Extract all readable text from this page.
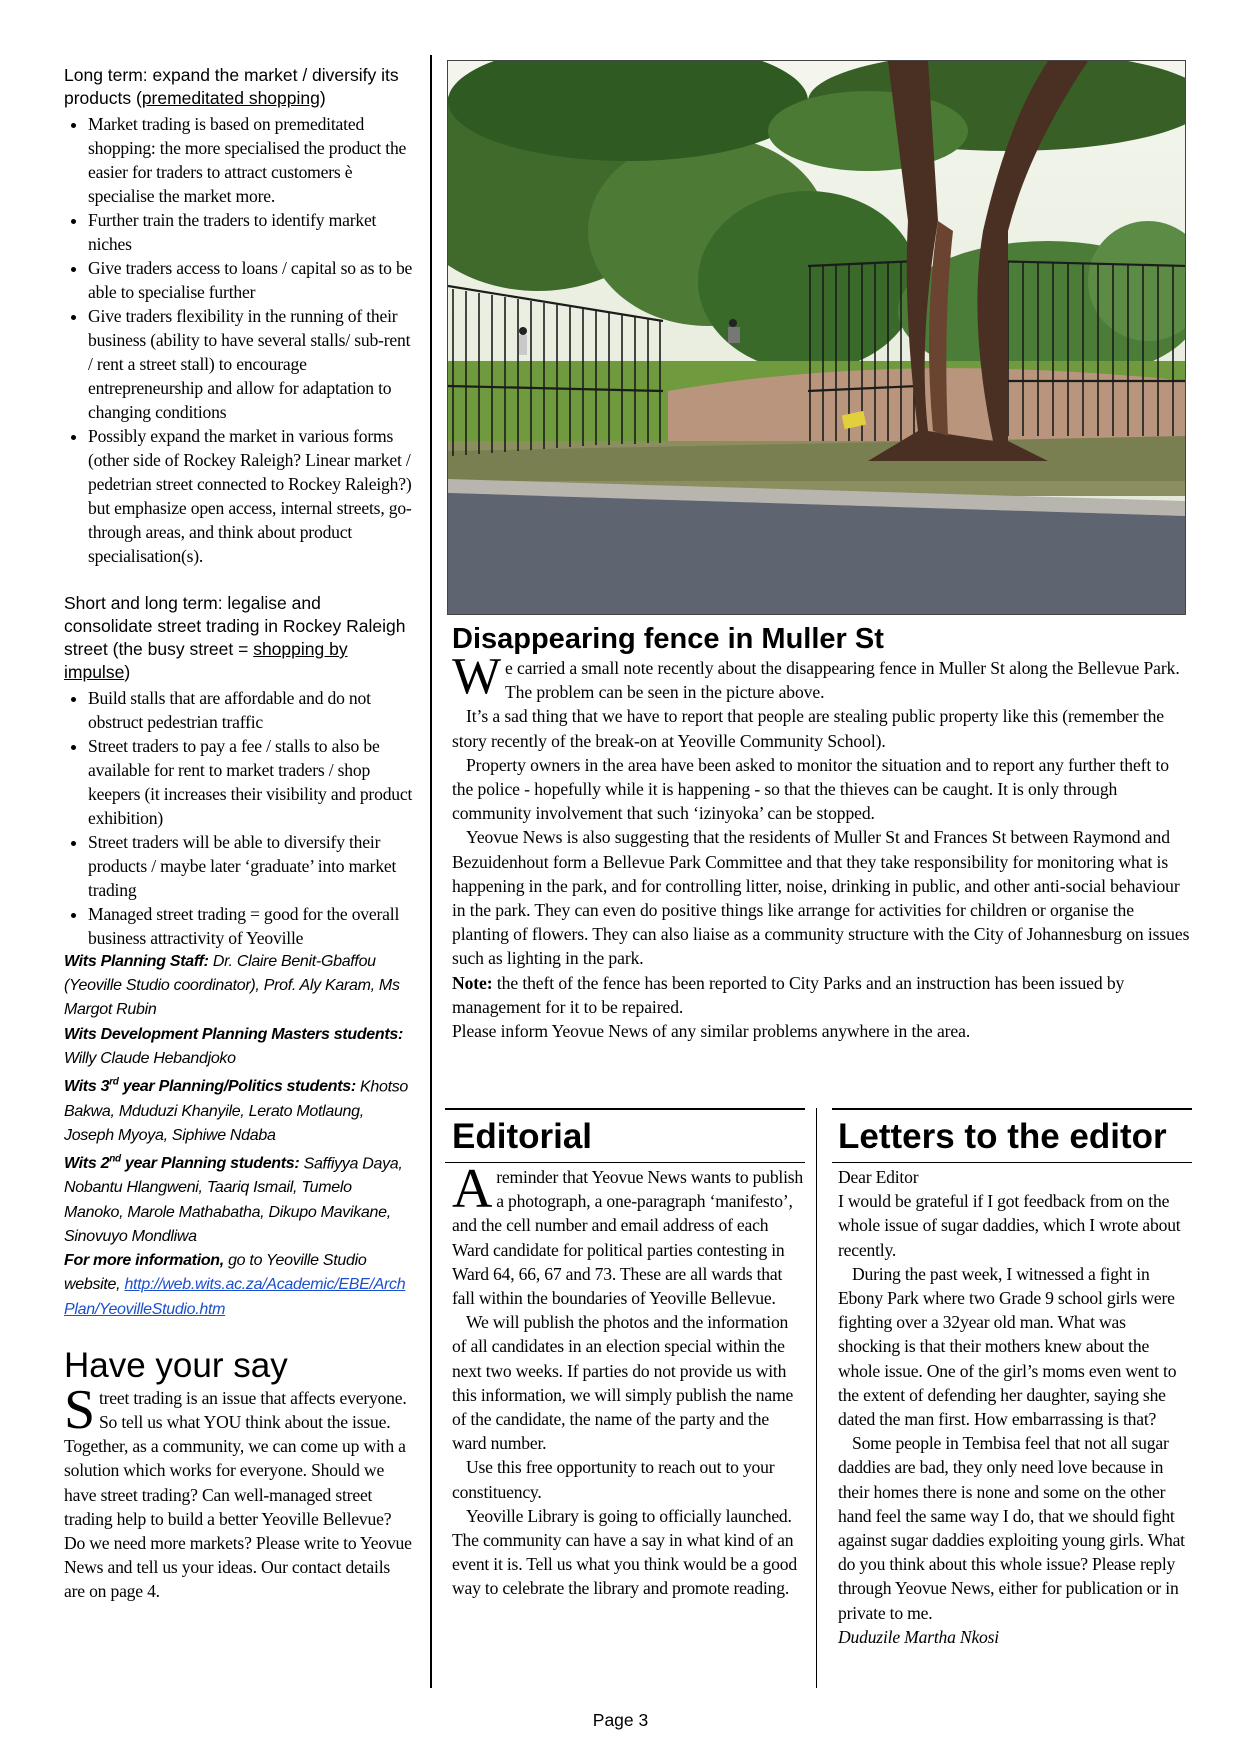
Long term: expand the market / diversify its products (premeditated shopping)

• Market trading is based on premeditated shopping: the more specialised the product the easier for traders to attract customers è specialise the market more.
• Further train the traders to identify market niches
• Give traders access to loans / capital so as to be able to specialise further
• Give traders flexibility in the running of their business (ability to have several stalls/ sub-rent / rent a street stall) to encourage entrepreneurship and allow for adaptation to changing conditions
• Possibly expand the market in various forms (other side of Rockey Raleigh? Linear market / pedetrian street connected to Rockey Raleigh?) but emphasize open access, internal streets, go-through areas, and think about product specialisation(s).

Short and long term: legalise and consolidate street trading in Rockey Raleigh street (the busy street = shopping by impulse)

• Build stalls that are affordable and do not obstruct pedestrian traffic
• Street traders to pay a fee / stalls to also be available for rent to market traders / shop keepers (it increases their visibility and product exhibition)
• Street traders will be able to diversify their products / maybe later ‘graduate’ into market trading
• Managed street trading = good for the overall business attractivity of Yeoville
Wits Planning Staff: Dr. Claire Benit-Gbaffou (Yeoville Studio coordinator), Prof. Aly Karam, Ms Margot Rubin
Wits Development Planning Masters students: Willy Claude Hebandjoko
Wits 3rd year Planning/Politics students: Khotso Bakwa, Mduduzi Khanyile, Lerato Motlaung, Joseph Myoya, Siphiwe Ndaba
Wits 2nd year Planning students: Saffiyya Daya, Nobantu Hlangweni, Taariq Ismail, Tumelo Manoko, Marole Mathabatha, Dikupo Mavikane, Sinovuyo Mondliwa
For more information, go to Yeoville Studio website, http://web.wits.ac.za/Academic/EBE/ArchPlan/YeovilleStudio.htm
Have your say

Street trading is an issue that affects everyone. So tell us what YOU think about the issue. Together, as a community, we can come up with a solution which works for everyone. Should we have street trading? Can well-managed street trading help to build a better Yeoville Bellevue? Do we need more markets? Please write to Yeovue News and tell us your ideas. Our contact details are on page 4.

Disappearing fence in Muller St

We carried a small note recently about the disappearing fence in Muller St along the Bellevue Park. The problem can be seen in the picture above.

It’s a sad thing that we have to report that people are stealing public property like this (remember the story recently of the break-on at Yeoville Community School).

Property owners in the area have been asked to monitor the situation and to report any further theft to the police - hopefully while it is happening - so that the thieves can be caught. It is only through community involvement that such ‘izinyoka’ can be stopped.

Yeovue News is also suggesting that the residents of Muller St and Frances St between Raymond and Bezuidenhout form a Bellevue Park Committee and that they take responsibility for monitoring what is happening in the park, and for controlling litter, noise, drinking in public, and other anti-social behaviour in the park. They can even do positive things like arrange for activities for children or organise the planting of flowers. They can also liaise as a community structure with the City of Johannesburg on issues such as lighting in the park.

Note: the theft of the fence has been reported to City Parks and an instruction has been issued by management for it to be repaired.

Please inform Yeovue News of any similar problems anywhere in the area.

Editorial

A reminder that Yeovue News wants to publish a photograph, a one-paragraph ‘manifesto’, and the cell number and email address of each Ward candidate for political parties contesting in Ward 64, 66, 67 and 73. These are all wards that fall within the boundaries of Yeoville Bellevue.

We will publish the photos and the information of all candidates in an election special within the next two weeks. If parties do not provide us with this information, we will simply publish the name of the candidate, the name of the party and the ward number.

Use this free opportunity to reach out to your constituency.

Yeoville Library is going to officially launched. The community can have a say in what kind of an event it is. Tell us what you think would be a good way to celebrate the library and promote reading.

Letters to the editor

Dear Editor

I would be grateful if I got feedback from on the whole issue of sugar daddies, which I wrote about recently.

During the past week, I witnessed a fight in Ebony Park where two Grade 9 school girls were fighting over a 32year old man. What was shocking is that their mothers knew about the whole issue. One of the girl’s moms even went to the extent of defending her daughter, saying she dated the man first. How embarrassing is that?

Some people in Tembisa feel that not all sugar daddies are bad, they only need love because in their homes there is none and some on the other hand feel the same way I do, that we should fight against sugar daddies exploiting young girls. What do you think about this whole issue? Please reply through Yeovue News, either for publication or in private to me.

Duduzile Martha Nkosi

Page 3
